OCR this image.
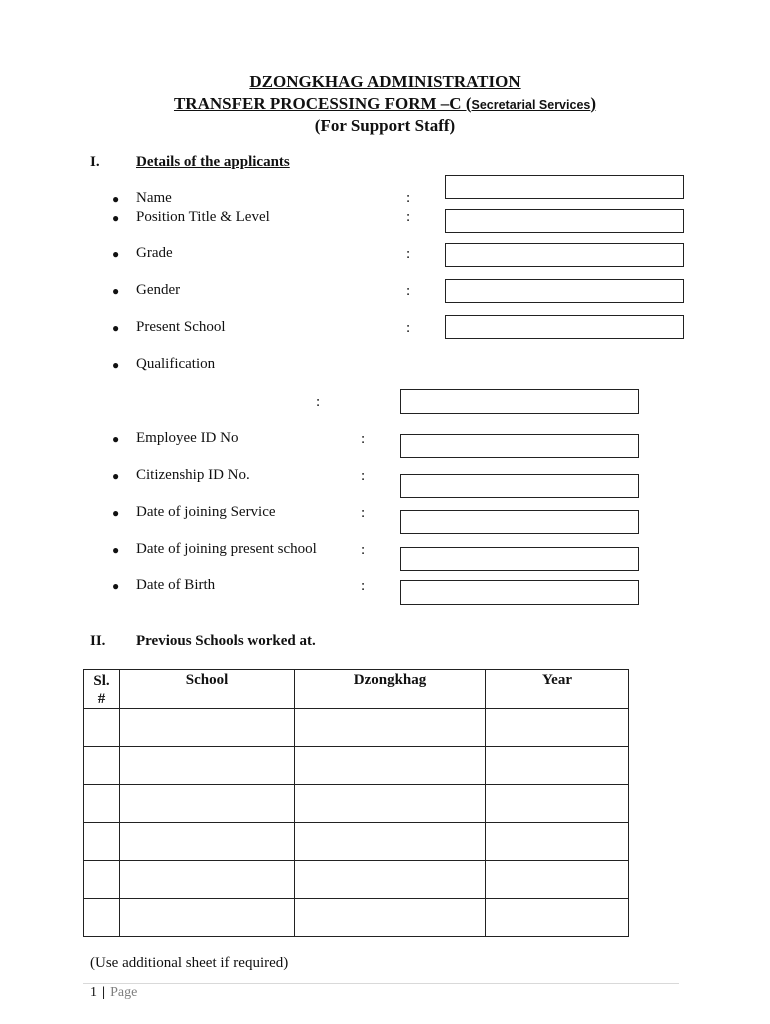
DZONGKHAG ADMINISTRATION
TRANSFER PROCESSING FORM –C (Secretarial Services)
(For Support Staff)
I. Details of the applicants
● Name	:
● Position Title & Level	:
● Grade	:
● Gender	:
● Present School	:
● Qualification
:
● Employee ID No	:
● Citizenship ID No.	:
● Date of joining Service	:
● Date of joining present school	:
● Date of Birth	:
II. Previous Schools worked at.
Sl.
#	School	Dzongkhag	Year

(Use additional sheet if required)
1 | Page
